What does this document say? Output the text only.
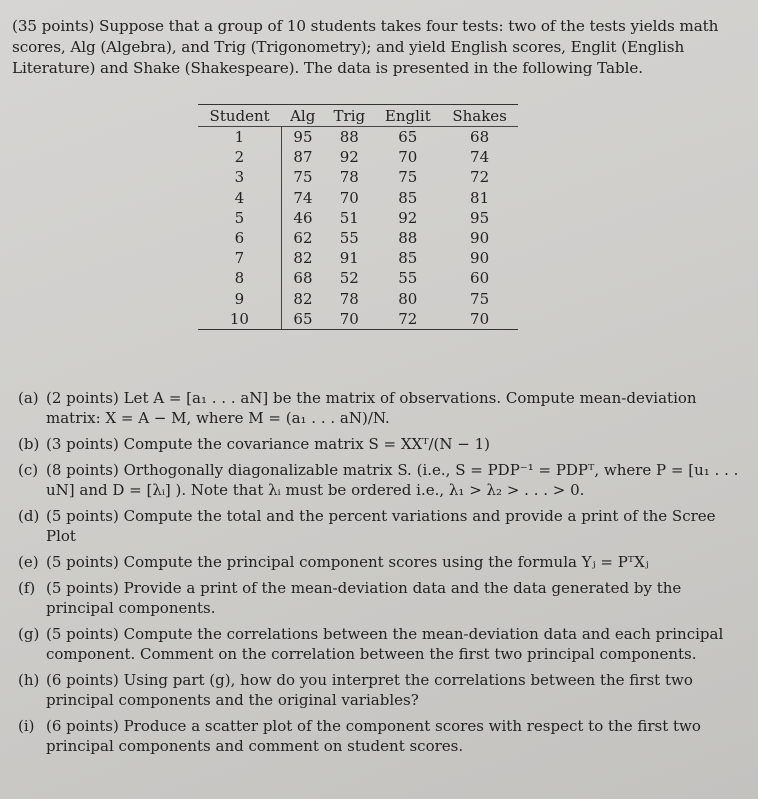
(35 points) Suppose that a group of 10 students takes four tests: two of the tests yields math scores, Alg (Algebra), and Trig (Trigonometry); and yield English scores, Englit (English Literature) and Shake (Shakespeare). The data is presented in the following Table.
Student	Alg	Trig	Englit	Shakes
1	95	88	65	68
2	87	92	70	74
3	75	78	75	72
4	74	70	85	81
5	46	51	92	95
6	62	55	88	90
7	82	91	85	90
8	68	52	55	60
9	82	78	80	75
10	65	70	72	70
(a) (2 points) Let A = [a₁ . . . aN] be the matrix of observations. Compute mean-deviation matrix: X = A − M, where M = (a₁ . . . aN)/N.
(b) (3 points) Compute the covariance matrix S = XXᵀ/(N − 1)
(c) (8 points) Orthogonally diagonalizable matrix S. (i.e., S = PDP⁻¹ = PDPᵀ, where P = [u₁ . . . uN] and D = [λᵢ] ). Note that λᵢ must be ordered i.e., λ₁ > λ₂ > . . . > 0.
(d) (5 points) Compute the total and the percent variations and provide a print of the Scree Plot
(e) (5 points) Compute the principal component scores using the formula Yⱼ = PᵀXⱼ
(f) (5 points) Provide a print of the mean-deviation data and the data generated by the principal components.
(g) (5 points) Compute the correlations between the mean-deviation data and each principal component. Comment on the correlation between the first two principal components.
(h) (6 points) Using part (g), how do you interpret the correlations between the first two principal components and the original variables?
(i) (6 points) Produce a scatter plot of the component scores with respect to the first two principal components and comment on student scores.
